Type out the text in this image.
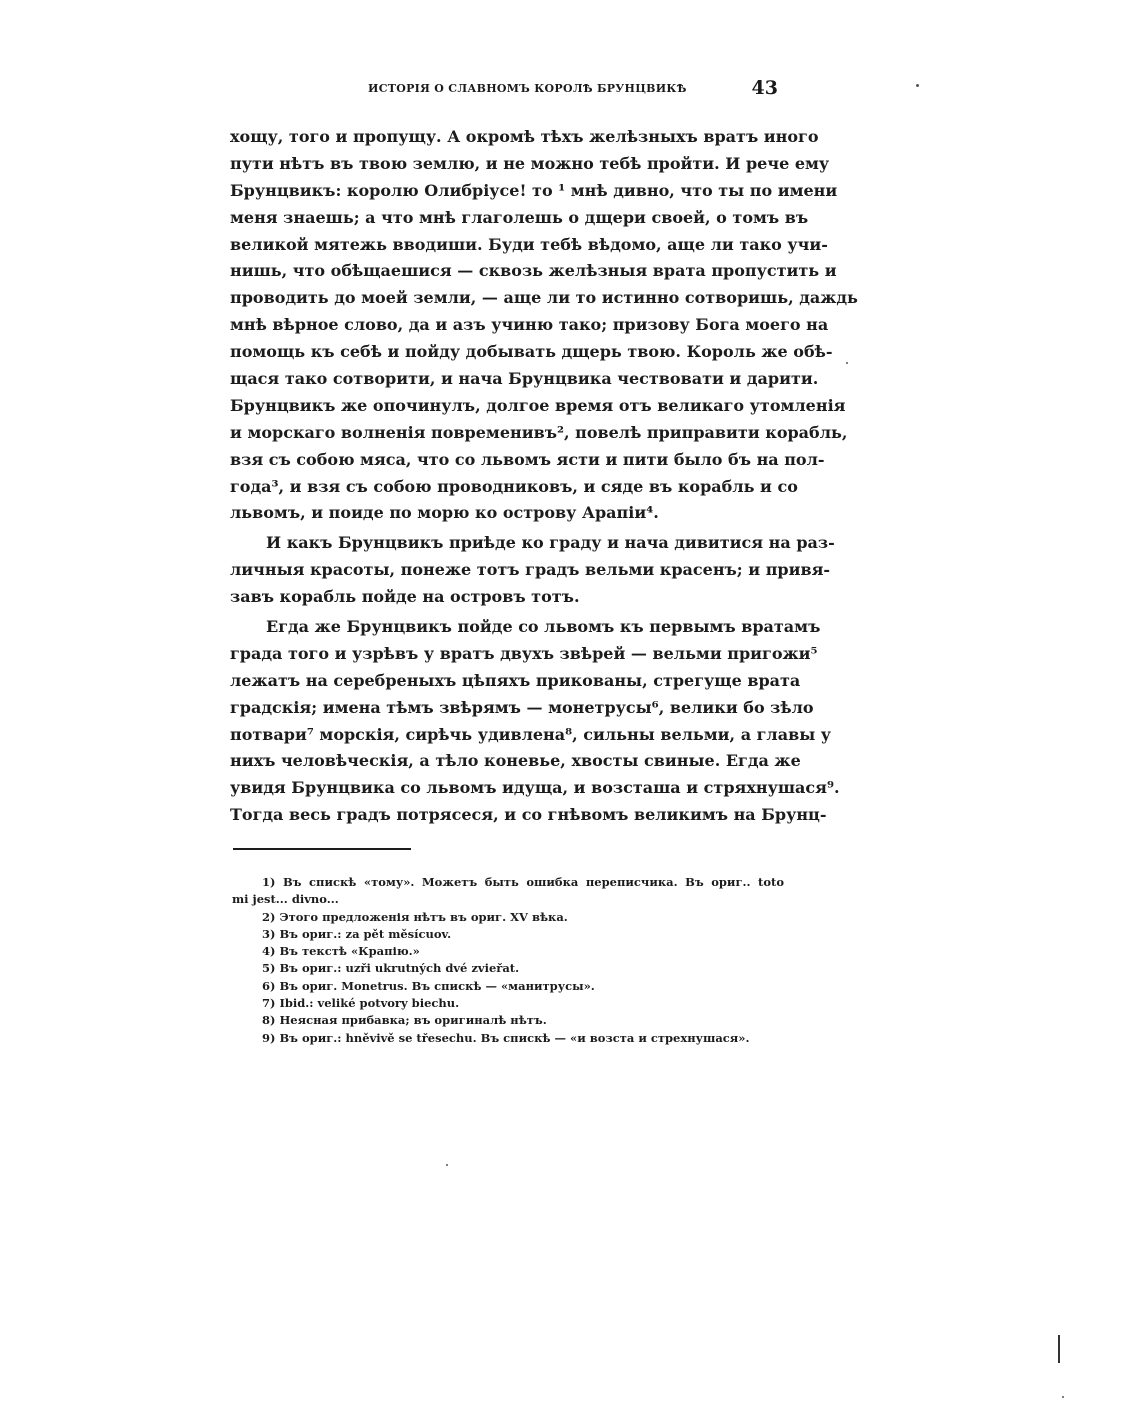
ИСТОРІЯ О СЛАВНОМЪ КОРОЛѢ БРУНЦВИКѢ	43
хощу, того и пропущу. А окромѣ тѣхъ желѣзныхъ вратъ иного
пути нѣтъ въ твою землю, и не можно тебѣ пройти. И рече ему
Брунцвикъ: королю Олибріусе! то ¹ мнѣ дивно, что ты по имени
меня знаешь; а что мнѣ глаголешь о дщери своей, о томъ въ
великой мятежь вводиши. Буди тебѣ вѣдомо, аще ли тако учи-
нишь, что обѣщаешися — сквозь желѣзныя врата пропустить и
проводить до моей земли, — аще ли то истинно сотворишь, даждь
мнѣ вѣрное слово, да и азъ учиню тако; призову Бога моего на
помощь къ себѣ и пойду добывать дщерь твою. Король же обѣ-
щася тако сотворити, и нача Брунцвика чествовати и дарити.
Брунцвикъ же опочинулъ, долгое время отъ великаго утомленія
и морскаго волненія повременивъ², повелѣ приправити корабль,
взя съ собою мяса, что со львомъ ясти и пити было бъ на пол-
года³, и взя съ собою проводниковъ, и сяде въ корабль и со
львомъ, и поиде по морю ко острову Арапіи⁴.
И какъ Брунцвикъ приѣде ко граду и нача дивитися на раз-
личныя красоты, понеже тотъ градъ вельми красенъ; и привя-
завъ корабль пойде на островъ тотъ.
Егда же Брунцвикъ пойде со львомъ къ первымъ вратамъ
града того и узрѣвъ у вратъ двухъ звѣрей — вельми пригожи⁵
лежатъ на серебреныхъ цѣпяхъ прикованы, стрегуще врата
градскія; имена тѣмъ звѣрямъ — монетрусы⁶, велики бо зѣло
потвари⁷ морскія, сирѣчь удивлена⁸, сильны вельми, а главы у
нихъ человѣческія, а тѣло коневье, хвосты свиные. Егда же
увидя Брунцвика со львомъ идуща, и возсташа и стряхнушася⁹.
Тогда весь градъ потрясеся, и со гнѣвомъ великимъ на Брунц-
1) Въ спискѣ «тому». Можетъ быть ошибка переписчика. Въ ориг.. toto
mi jest... divno...
2) Этого предложенія нѣтъ въ ориг. XV вѣка.
3) Въ ориг.: za pět měsícuov.
4) Въ текстѣ «Крапію.»
5) Въ ориг.: uzři ukrutných dvé zvieřat.
6) Въ ориг. Monetrus. Въ спискѣ — «манитрусы».
7) Ibid.: veliké potvory biechu.
8) Неясная прибавка; въ оригиналѣ нѣтъ.
9) Въ ориг.: hněvivě se třesechu. Въ спискѣ — «и возста и стрехнушася».
